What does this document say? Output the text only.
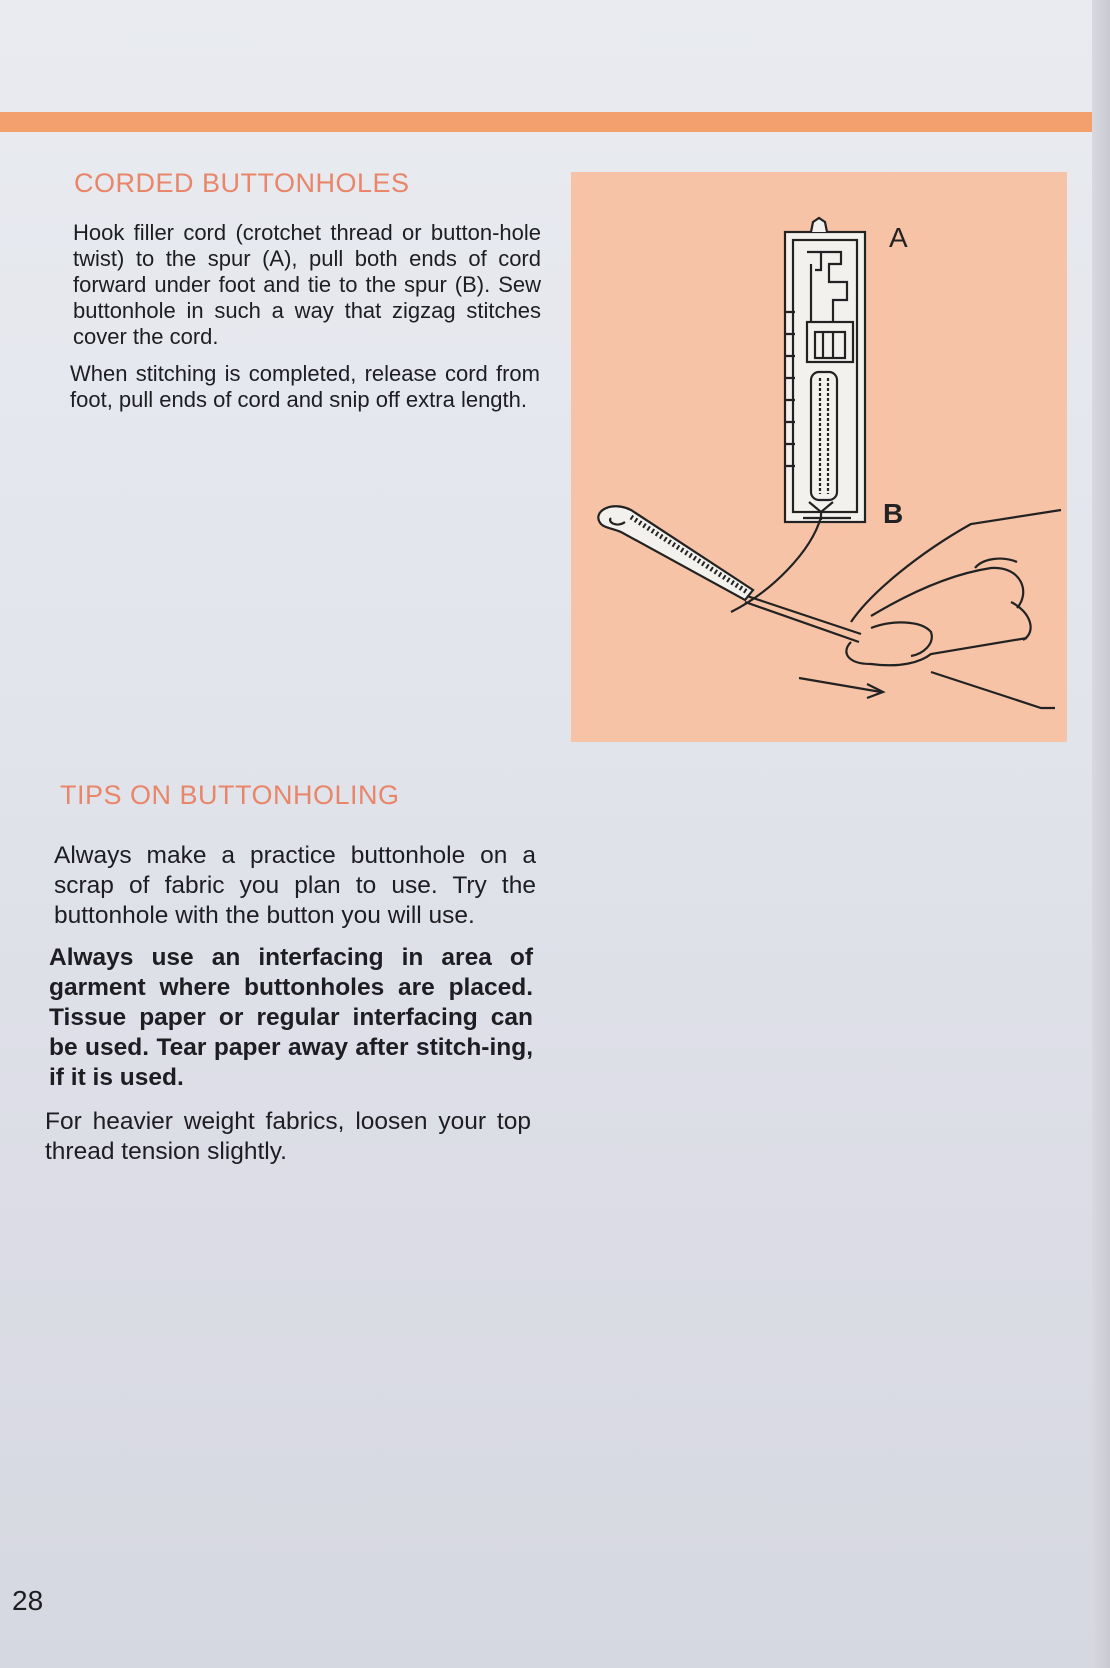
CORDED BUTTONHOLES

Hook filler cord (crotchet thread or button-hole twist) to the spur (A), pull both ends of cord forward under foot and tie to the spur (B). Sew buttonhole in such a way that zigzag stitches cover the cord.

When stitching is completed, release cord from foot, pull ends of cord and snip off extra length.

A
B
TIPS ON BUTTONHOLING

Always make a practice buttonhole on a scrap of fabric you plan to use. Try the buttonhole with the button you will use.

Always use an interfacing in area of garment where buttonholes are placed. Tissue paper or regular interfacing can be used. Tear paper away after stitch-ing, if it is used.

For heavier weight fabrics, loosen your top thread tension slightly.

28
